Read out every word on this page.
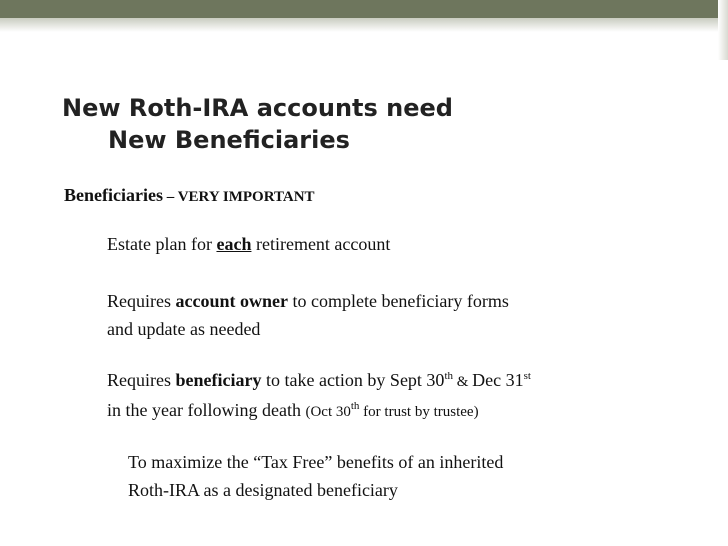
New Roth-IRA accounts need
New Beneficiaries

Beneficiaries – VERY IMPORTANT

Estate plan for each retirement account

Requires account owner to complete beneficiary forms
and update as needed

Requires beneficiary to take action by Sept 30th & Dec 31st
in the year following death (Oct 30th for trust by trustee)

To maximize the “Tax Free” benefits of an inherited
Roth-IRA as a designated beneficiary
